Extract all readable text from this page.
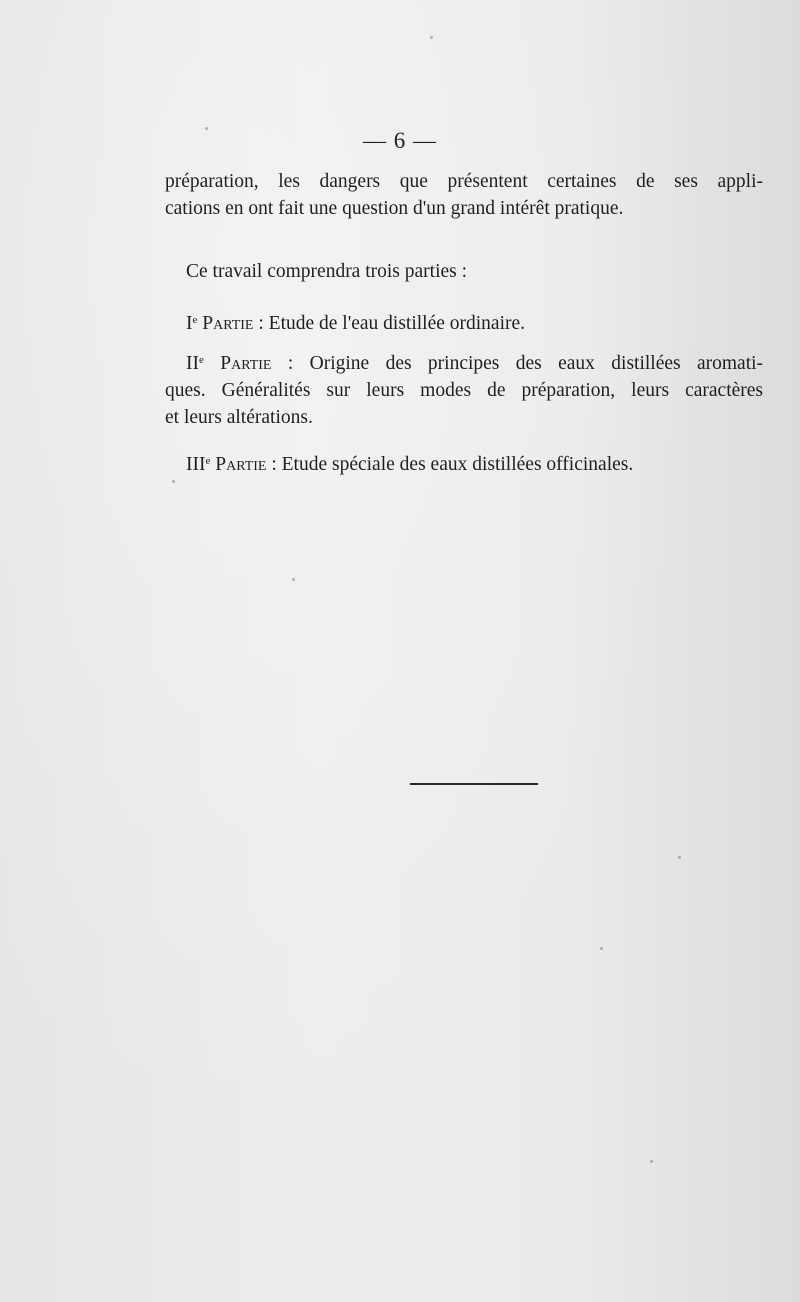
— 6 —
préparation, les dangers que présentent certaines de ses appli-
cations en ont fait une question d'un grand intérêt pratique.
Ce travail comprendra trois parties :
Ie Partie : Etude de l'eau distillée ordinaire.
IIe Partie : Origine des principes des eaux distillées aromati-
ques. Généralités sur leurs modes de préparation, leurs caractères
et leurs altérations.
IIIe Partie : Etude spéciale des eaux distillées officinales.
